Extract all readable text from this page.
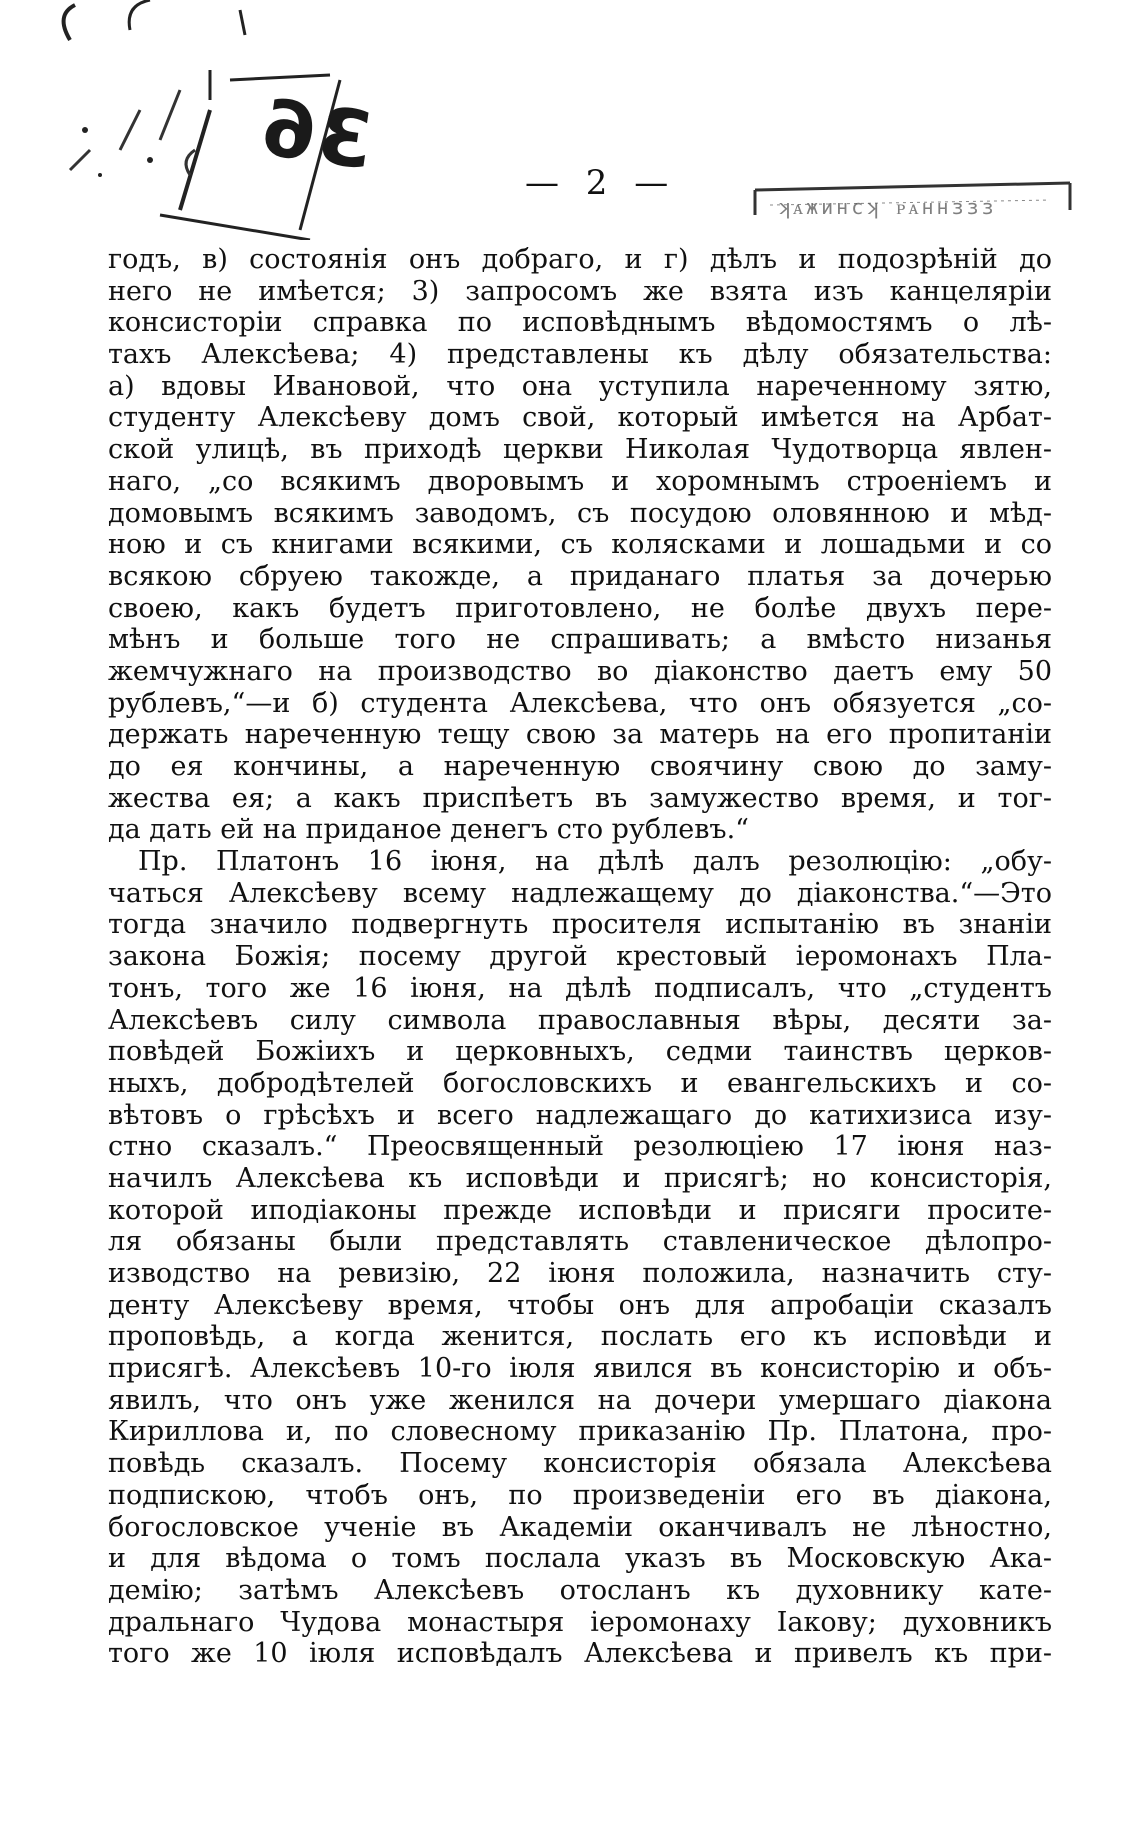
36	— 2 —
ʞᴀжинсʞ ᴘᴀннɜɜɜ
годъ, в) состоянія онъ добраго, и г) дѣлъ и подозрѣній до
него не имѣется; 3) запросомъ же взята изъ канцеляріи
консисторіи справка по исповѣднымъ вѣдомостямъ о лѣ-
тахъ Алексѣева; 4) представлены къ дѣлу обязательства:
а) вдовы Ивановой, что она уступила нареченному зятю,
студенту Алексѣеву домъ свой, который имѣется на Арбат-
ской улицѣ, въ приходѣ церкви Николая Чудотворца явлен-
наго, „со всякимъ дворовымъ и хоромнымъ строеніемъ и
домовымъ всякимъ заводомъ, съ посудою оловянною и мѣд-
ною и съ книгами всякими, съ колясками и лошадьми и со
всякою сбруею такожде, а приданаго платья за дочерью
своею, какъ будетъ приготовлено, не болѣе двухъ пере-
мѣнъ и больше того не спрашивать; а вмѣсто низанья
жемчужнаго на производство во діаконство даетъ ему 50
рублевъ,“—и б) студента Алексѣева, что онъ обязуется „со-
держать нареченную тещу свою за матерь на его пропитаніи
до ея кончины, а нареченную своячину свою до заму-
жества ея; а какъ приспѣетъ въ замужество время, и тог-
да дать ей на приданое денегъ сто рублевъ.“
Пр. Платонъ 16 іюня, на дѣлѣ далъ резолюцію: „обу-
чаться Алексѣеву всему надлежащему до діаконства.“—Это
тогда значило подвергнуть просителя испытанію въ знаніи
закона Божія; посему другой крестовый іеромонахъ Пла-
тонъ, того же 16 іюня, на дѣлѣ подписалъ, что „студентъ
Алексѣевъ силу символа православныя вѣры, десяти за-
повѣдей Божіихъ и церковныхъ, седми таинствъ церков-
ныхъ, добродѣтелей богословскихъ и евангельскихъ и со-
вѣтовъ о грѣсѣхъ и всего надлежащаго до катихизиса изу-
стно сказалъ.“ Преосвященный резолюціею 17 іюня наз-
начилъ Алексѣева къ исповѣди и присягѣ; но консисторія,
которой иподіаконы прежде исповѣди и присяги просите-
ля обязаны были представлять ставленическое дѣлопро-
изводство на ревизію, 22 іюня положила, назначить сту-
денту Алексѣеву время, чтобы онъ для апробаціи сказалъ
проповѣдь, а когда женится, послать его къ исповѣди и
присягѣ. Алексѣевъ 10-го іюля явился въ консисторію и объ-
явилъ, что онъ уже женился на дочери умершаго діакона
Кириллова и, по словесному приказанію Пр. Платона, про-
повѣдь сказалъ. Посему консисторія обязала Алексѣева
подпискою, чтобъ онъ, по произведеніи его въ діакона,
богословское ученіе въ Академіи оканчивалъ не лѣностно,
и для вѣдома о томъ послала указъ въ Московскую Ака-
демію; затѣмъ Алексѣевъ отосланъ къ духовнику кате-
дральнаго Чудова монастыря іеромонаху Іакову; духовникъ
того же 10 іюля исповѣдалъ Алексѣева и привелъ къ при-
